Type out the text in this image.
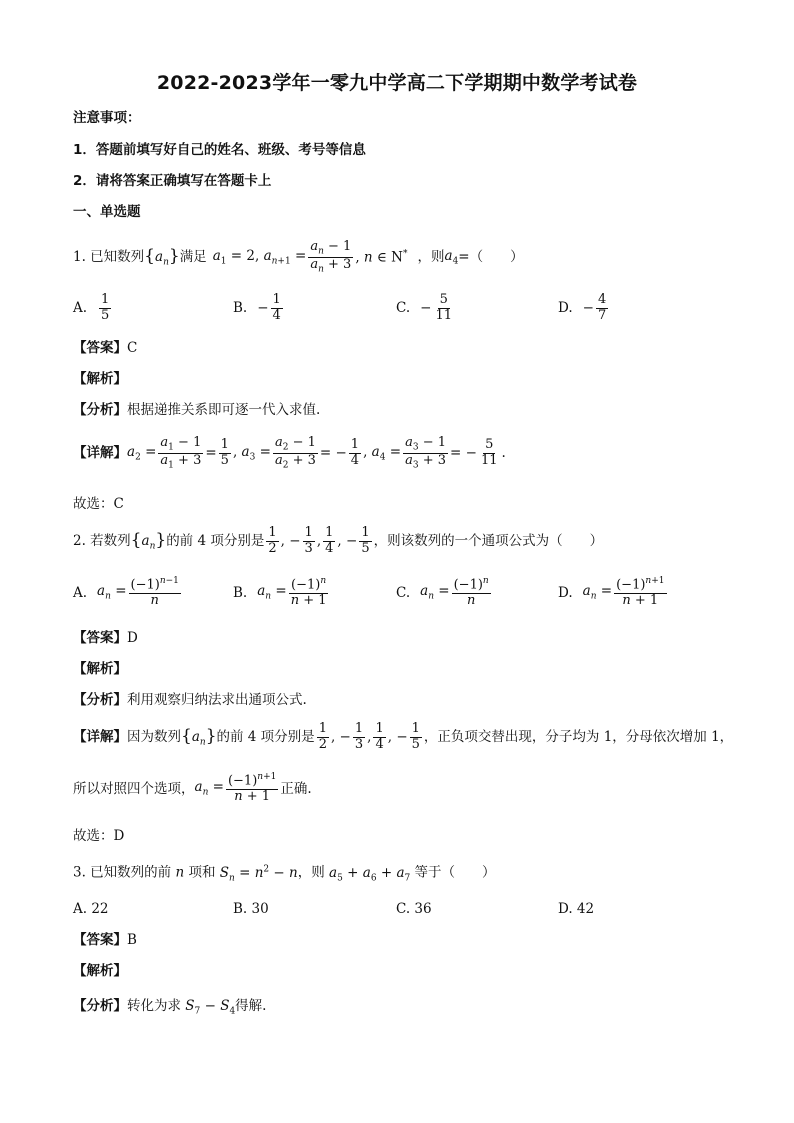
2022-2023学年一零九中学高二下学期期中数学考试卷
注意事项：
1．答题前填写好自己的姓名、班级、考号等信息
2．请将答案正确填写在答题卡上
一、单选题
1. 已知数列 $\{a_n\}$ 满足 $a_1 = 2$, $a_{n+1} = \frac{a_n - 1}{a_n + 3}$ , n ∈ N* ，则 $a_4$ =（　　）
A. $\frac{1}{5}$	B. − $\frac{1}{4}$	C. − $\frac{5}{11}$	D. − $\frac{4}{7}$
【答案】C
【解析】
【分析】根据递推关系即可逐一代入求值.
【详解】 $a_2 = \frac{a_1 - 1}{a_1 + 3} = \frac{1}{5}$ , $a_3 = \frac{a_2 - 1}{a_2 + 3}$ = − $\frac{1}{4}$ , $a_4 = \frac{a_3 - 1}{a_3 + 3}$ = − $\frac{5}{11}$ .
故选：C
2. 若数列 $\{a_n\}$ 的前 4 项分别是 $\frac{1}{2}$ , − $\frac{1}{3}$ , $\frac{1}{4}$ , − $\frac{1}{5}$ ，则该数列的一个通项公式为（　　）
A. $a_n = \frac{(-1)^{n-1}}{n}$	B. $a_n = \frac{(-1)^n}{n + 1}$	C. $a_n = \frac{(-1)^n}{n}$	D. $a_n = \frac{(-1)^{n+1}}{n + 1}$
【答案】D
【解析】
【分析】利用观察归纳法求出通项公式.
【详解】 因为数列 $\{a_n\}$ 的前 4 项分别是 $\frac{1}{2}$ , − $\frac{1}{3}$ , $\frac{1}{4}$ , − $\frac{1}{5}$ ，正负项交替出现，分子均为 1，分母依次增加 1，
所以对照四个选项， $a_n = \frac{(-1)^{n+1}}{n + 1}$ 正确.
故选：D
3. 已知数列的前 n 项和 $S_n = n^2 - n$，则 $a_5 + a_6 + a_7$ 等于（　　）
A. 22	B. 30	C. 36	D. 42
【答案】B
【解析】
【分析】转化为求 $S_7 - S_4$得解.
